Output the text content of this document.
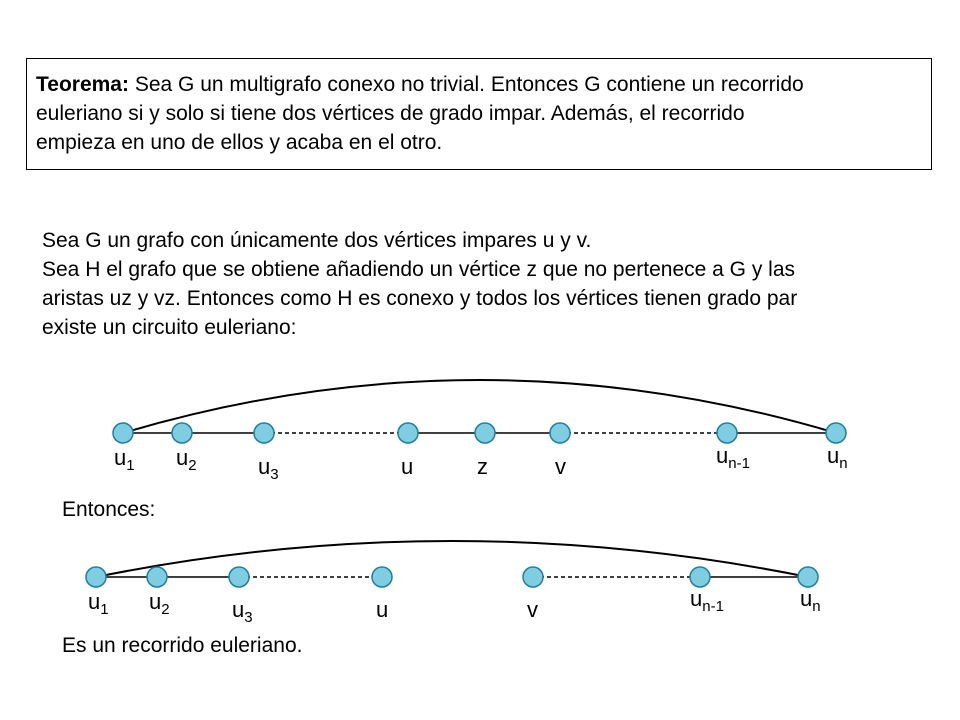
Teorema: Sea G un multigrafo conexo no trivial. Entonces G contiene un recorrido
euleriano si y solo si tiene dos vértices de grado impar. Además, el recorrido
empieza en uno de ellos y acaba en el otro.
Sea G un grafo con únicamente dos vértices impares u y v.
Sea H el grafo que se obtiene añadiendo un vértice z que no pertenece a G y las
aristas uz y vz. Entonces como H es conexo y todos los vértices tienen grado par
existe un circuito euleriano:
Entonces:
Es un recorrido euleriano.
$u_1$ $u_2$	$u_3$	u	z	v	$u_{n-1}$	$u_n$
$u_1$ $u_2$	$u_3$	u	v	$u_{n-1}$	$u_n$
